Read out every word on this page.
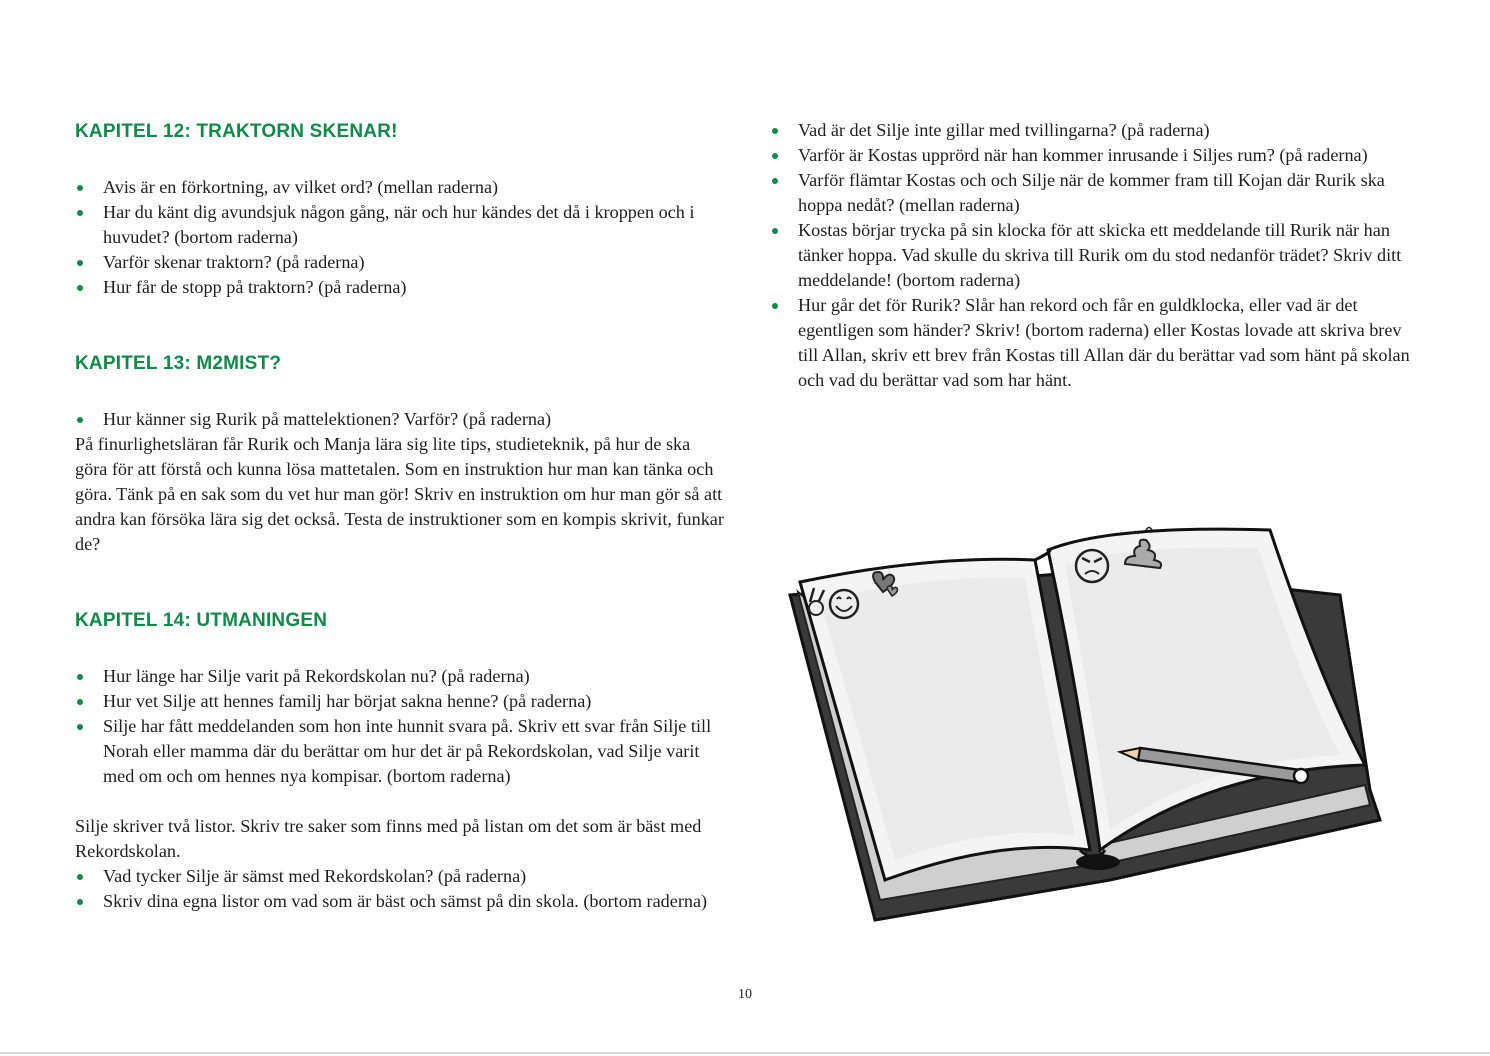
KAPITEL 12: TRAKTORN SKENAR!
Avis är en förkortning, av vilket ord? (mellan raderna)
Har du känt dig avundsjuk någon gång, när och hur kändes det då i kroppen och i huvudet? (bortom raderna)
Varför skenar traktorn? (på raderna)
Hur får de stopp på traktorn? (på raderna)
KAPITEL 13: M2MIST?
Hur känner sig Rurik på mattelektionen? Varför? (på raderna)

På finurlighetsläran får Rurik och Manja lära sig lite tips, studieteknik, på hur de ska göra för att förstå och kunna lösa mattetalen. Som en instruktion hur man kan tänka och göra. Tänk på en sak som du vet hur man gör! Skriv en instruktion om hur man gör så att andra kan försöka lära sig det också. Testa de instruktioner som en kompis skrivit, funkar de?

KAPITEL 14: UTMANINGEN
Hur länge har Silje varit på Rekordskolan nu? (på raderna)
Hur vet Silje att hennes familj har börjat sakna henne? (på raderna)
Silje har fått meddelanden som hon inte hunnit svara på. Skriv ett svar från Silje till Norah eller mamma där du berättar om hur det är på Rekordskolan, vad Silje varit med om och om hennes nya kompisar. (bortom raderna)

Silje skriver två listor. Skriv tre saker som finns med på listan om det som är bäst med Rekordskolan.

Vad tycker Silje är sämst med Rekordskolan? (på raderna)
Skriv dina egna listor om vad som är bäst och sämst på din skola. (bortom raderna)
Vad är det Silje inte gillar med tvillingarna? (på raderna)
Varför är Kostas upprörd när han kommer inrusande i Siljes rum? (på raderna)
Varför flämtar Kostas och och Silje när de kommer fram till Kojan där Rurik ska hoppa nedåt? (mellan raderna)
Kostas börjar trycka på sin klocka för att skicka ett meddelande till Rurik när han tänker hoppa. Vad skulle du skriva till Rurik om du stod nedanför trädet? Skriv ditt meddelande! (bortom raderna)
Hur går det för Rurik? Slår han rekord och får en guldklocka, eller vad är det egentligen som händer? Skriv! (bortom raderna) eller Kostas lovade att skriva brev till Allan, skriv ett brev från Kostas till Allan där du berättar vad som hänt på skolan och vad du berättar vad som har hänt.
10
